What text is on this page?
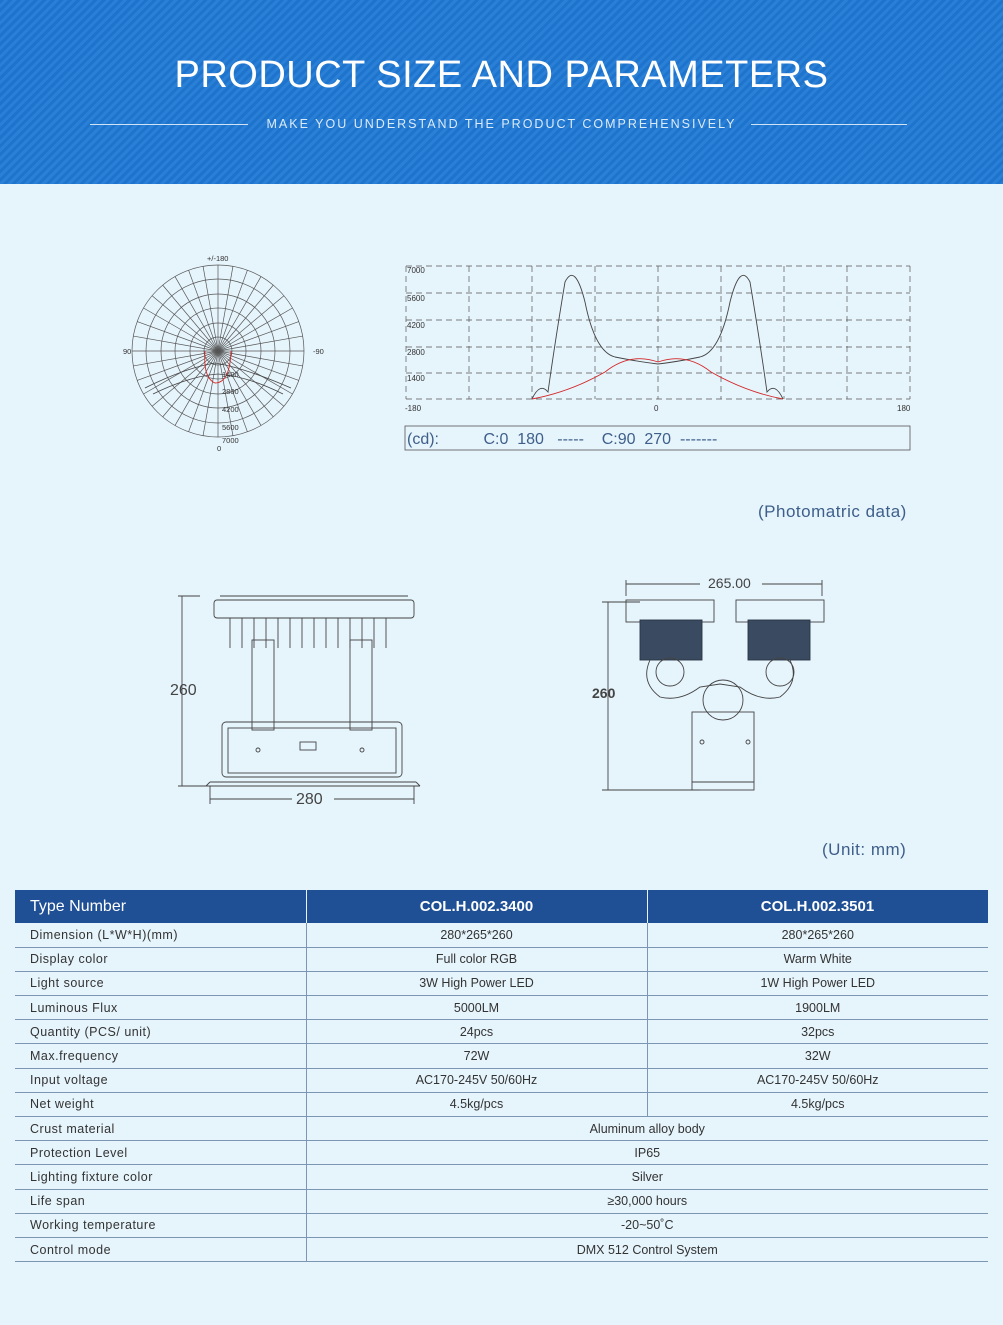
PRODUCT SIZE AND PARAMETERS
MAKE YOU UNDERSTAND THE PRODUCT COMPREHENSIVELY
+/-180
90	-90
0
1400
2800
4200
5600
7000
7000
5600
4200
2800
1400
-180	0	180
(cd):          C:0  180   -----    C:90  270  -------
(Photomatric data)
260
280
265.00
260
(Unit: mm)
Type Number	COL.H.002.3400	COL.H.002.3501
Dimension (L*W*H)(mm)	280*265*260	280*265*260
Display color	Full color RGB	Warm White
Light source	3W High Power LED	1W High Power LED
Luminous Flux	5000LM	1900LM
Quantity (PCS/ unit)	24pcs	32pcs
Max.frequency	72W	32W
Input voltage	AC170-245V 50/60Hz	AC170-245V 50/60Hz
Net weight	4.5kg/pcs	4.5kg/pcs
Crust material	Aluminum alloy body	
Protection Level	IP65	
Lighting fixture color	Silver	
Life span	≥30,000 hours	
Working temperature	-20~50˚C	
Control mode	DMX 512 Control System	
